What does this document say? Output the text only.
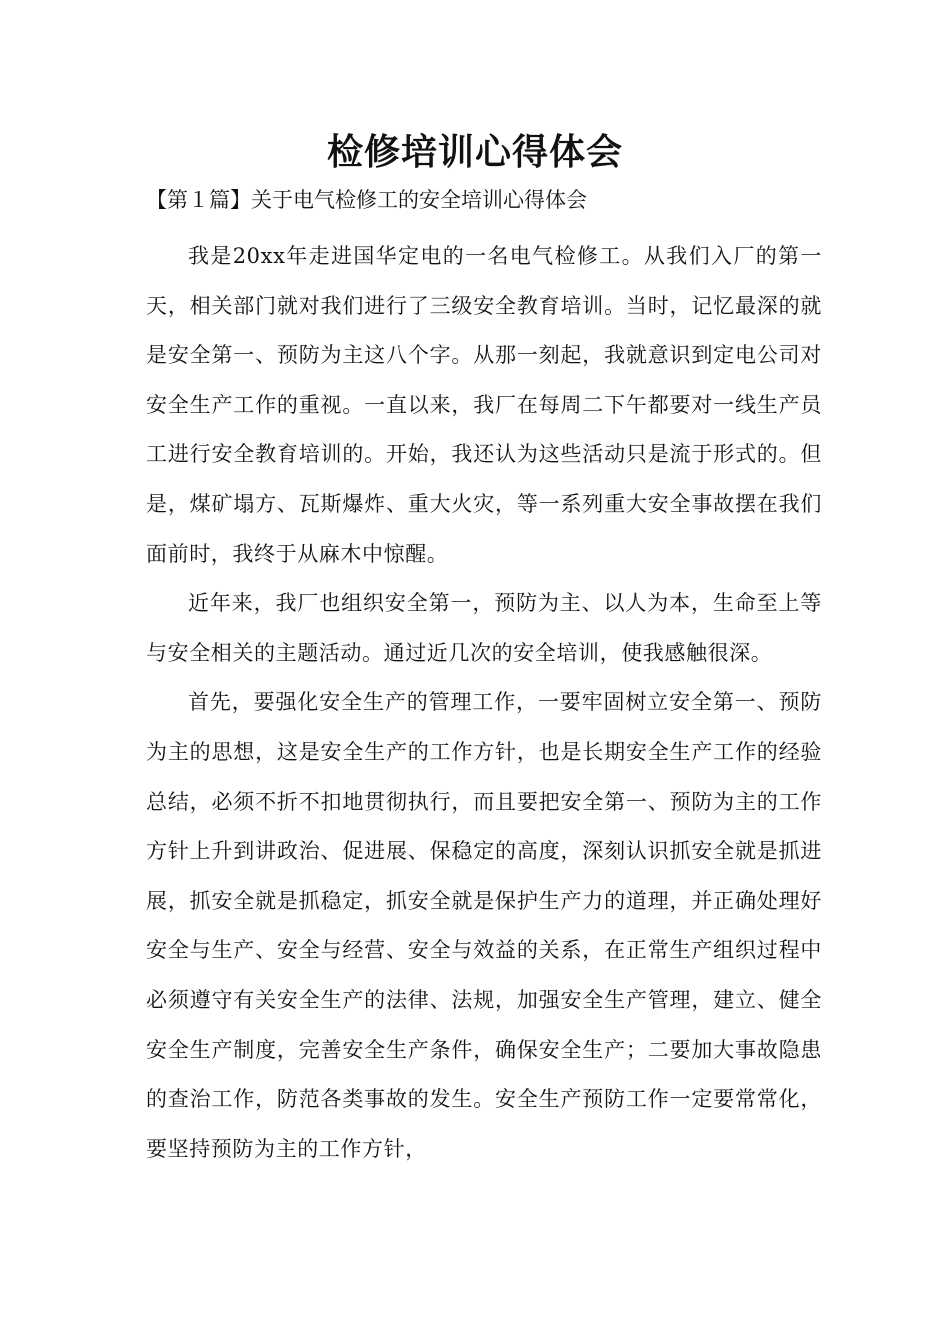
检修培训心得体会

【第１篇】关于电气检修工的安全培训心得体会

我是20xx年走进国华定电的一名电气检修工。从我们入厂的第一天，相关部门就对我们进行了三级安全教育培训。当时，记忆最深的就是安全第一、预防为主这八个字。从那一刻起，我就意识到定电公司对安全生产工作的重视。一直以来，我厂在每周二下午都要对一线生产员工进行安全教育培训的。开始，我还认为这些活动只是流于形式的。但是，煤矿塌方、瓦斯爆炸、重大火灾，等一系列重大安全事故摆在我们面前时，我终于从麻木中惊醒。

近年来，我厂也组织安全第一，预防为主、以人为本，生命至上等与安全相关的主题活动。通过近几次的安全培训，使我感触很深。

首先，要强化安全生产的管理工作，一要牢固树立安全第一、预防为主的思想，这是安全生产的工作方针，也是长期安全生产工作的经验总结，必须不折不扣地贯彻执行，而且要把安全第一、预防为主的工作方针上升到讲政治、促进展、保稳定的高度，深刻认识抓安全就是抓进展，抓安全就是抓稳定，抓安全就是保护生产力的道理，并正确处理好安全与生产、安全与经营、安全与效益的关系，在正常生产组织过程中必须遵守有关安全生产的法律、法规，加强安全生产管理，建立、健全安全生产制度，完善安全生产条件，确保安全生产；二要加大事故隐患的查治工作，防范各类事故的发生。安全生产预防工作一定要常常化，要坚持预防为主的工作方针，
